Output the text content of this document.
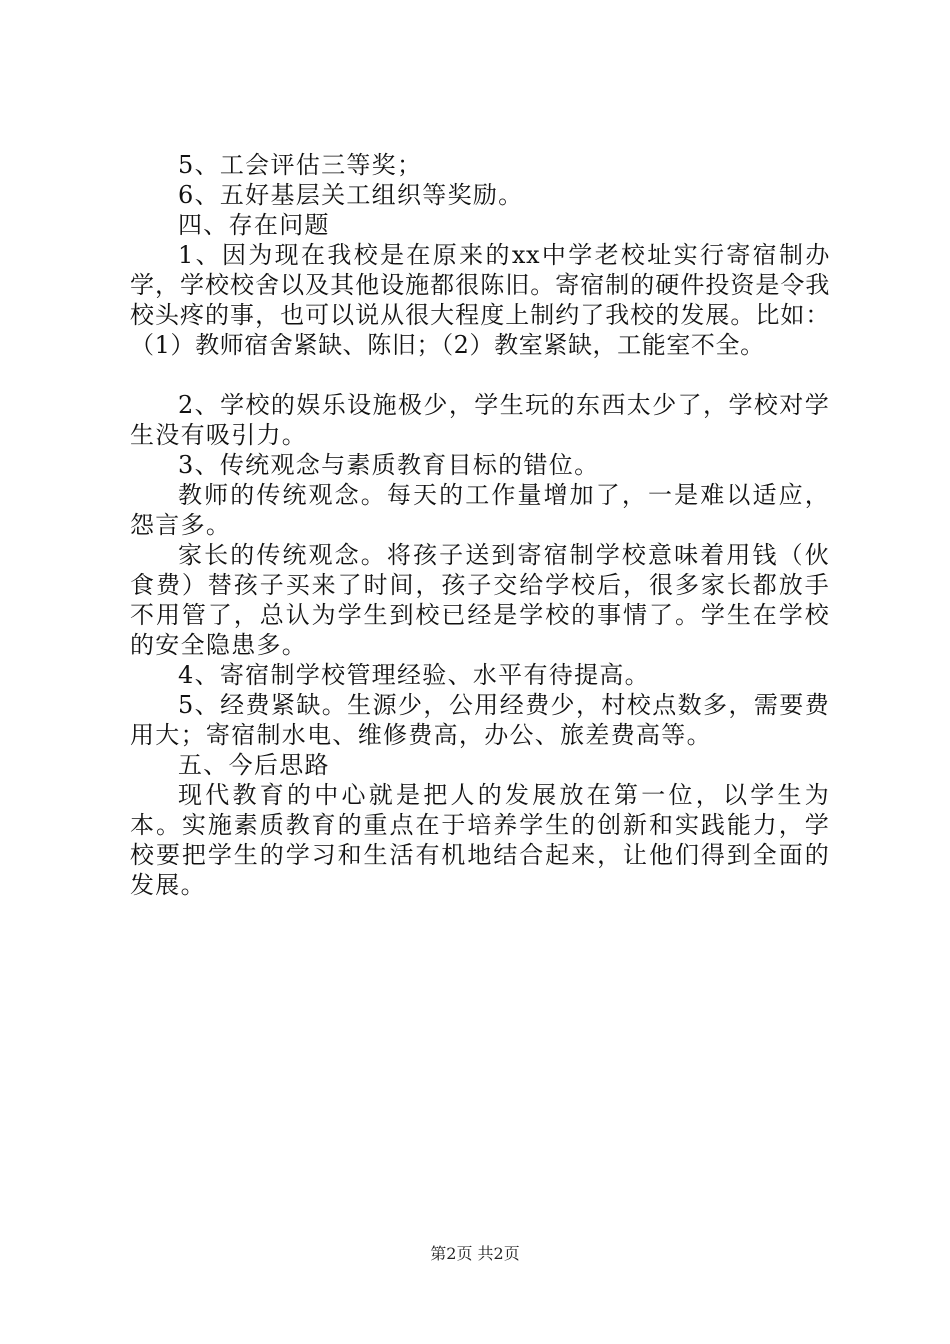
5、工会评估三等奖；

6、五好基层关工组织等奖励。

四、存在问题

1、因为现在我校是在原来的xx中学老校址实行寄宿制办学，学校校舍以及其他设施都很陈旧。寄宿制的硬件投资是令我校头疼的事，也可以说从很大程度上制约了我校的发展。比如：（1）教师宿舍紧缺、陈旧；（2）教室紧缺，工能室不全。

2、学校的娱乐设施极少，学生玩的东西太少了，学校对学生没有吸引力。

3、传统观念与素质教育目标的错位。

教师的传统观念。每天的工作量增加了，一是难以适应，怨言多。

家长的传统观念。将孩子送到寄宿制学校意味着用钱（伙食费）替孩子买来了时间，孩子交给学校后，很多家长都放手不用管了，总认为学生到校已经是学校的事情了。学生在学校的安全隐患多。

4、寄宿制学校管理经验、水平有待提高。

5、经费紧缺。生源少，公用经费少，村校点数多，需要费用大；寄宿制水电、维修费高，办公、旅差费高等。

五、今后思路

现代教育的中心就是把人的发展放在第一位，以学生为本。实施素质教育的重点在于培养学生的创新和实践能力，学校要把学生的学习和生活有机地结合起来，让他们得到全面的发展。

第2页 共2页
